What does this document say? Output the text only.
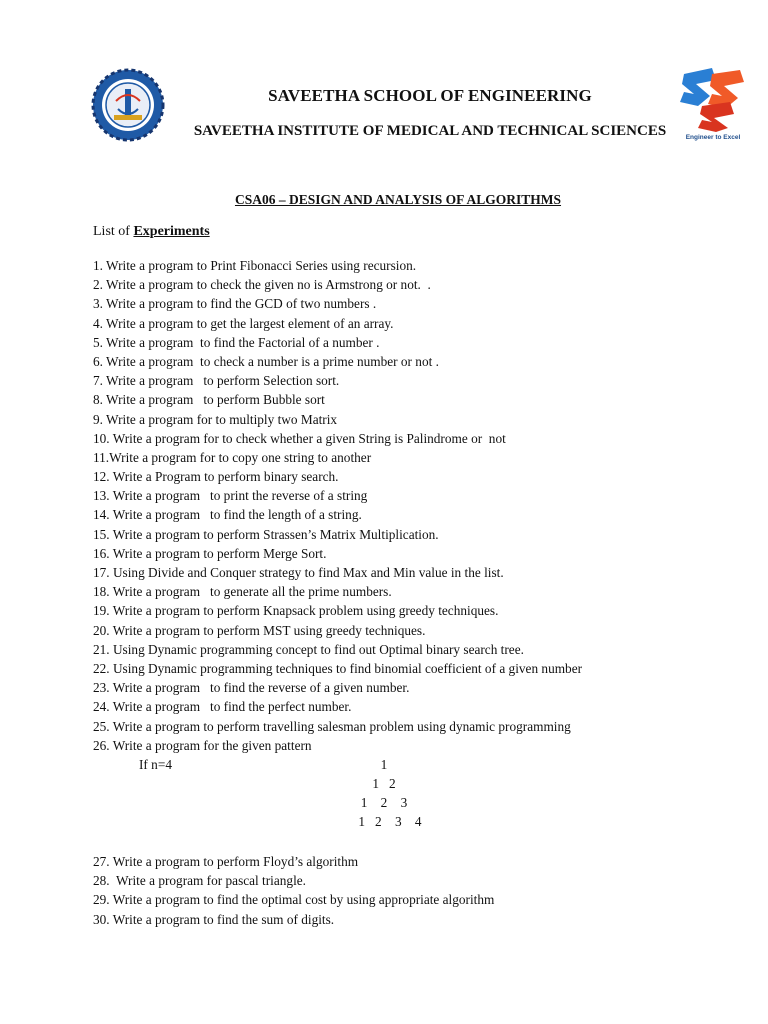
Engineer to Excel
SAVEETHA SCHOOL OF ENGINEERING
SAVEETHA INSTITUTE OF MEDICAL AND TECHNICAL SCIENCES
CSA06 – DESIGN AND ANALYSIS OF ALGORITHMS
List of Experiments
1. Write a program to Print Fibonacci Series using recursion.
2. Write a program to check the given no is Armstrong or not.  .
3. Write a program to find the GCD of two numbers .
4. Write a program to get the largest element of an array.
5. Write a program  to find the Factorial of a number .
6. Write a program  to check a number is a prime number or not .
7. Write a program   to perform Selection sort.
8. Write a program   to perform Bubble sort
9. Write a program for to multiply two Matrix
10. Write a program for to check whether a given String is Palindrome or  not
11.Write a program for to copy one string to another
12. Write a Program to perform binary search.
13. Write a program   to print the reverse of a string
14. Write a program   to find the length of a string.
15. Write a program to perform Strassen’s Matrix Multiplication.
16. Write a program to perform Merge Sort.
17. Using Divide and Conquer strategy to find Max and Min value in the list.
18. Write a program   to generate all the prime numbers.
19. Write a program to perform Knapsack problem using greedy techniques.
20. Write a program to perform MST using greedy techniques.
21. Using Dynamic programming concept to find out Optimal binary search tree.
22. Using Dynamic programming techniques to find binomial coefficient of a given number
23. Write a program   to find the reverse of a given number.
24. Write a program   to find the perfect number.
25. Write a program to perform travelling salesman problem using dynamic programming
26. Write a program for the given pattern
If n=4	1
1   2
1    2    3
1   2    3    4
27. Write a program to perform Floyd’s algorithm
28.  Write a program for pascal triangle.
29. Write a program to find the optimal cost by using appropriate algorithm
30. Write a program to find the sum of digits.
